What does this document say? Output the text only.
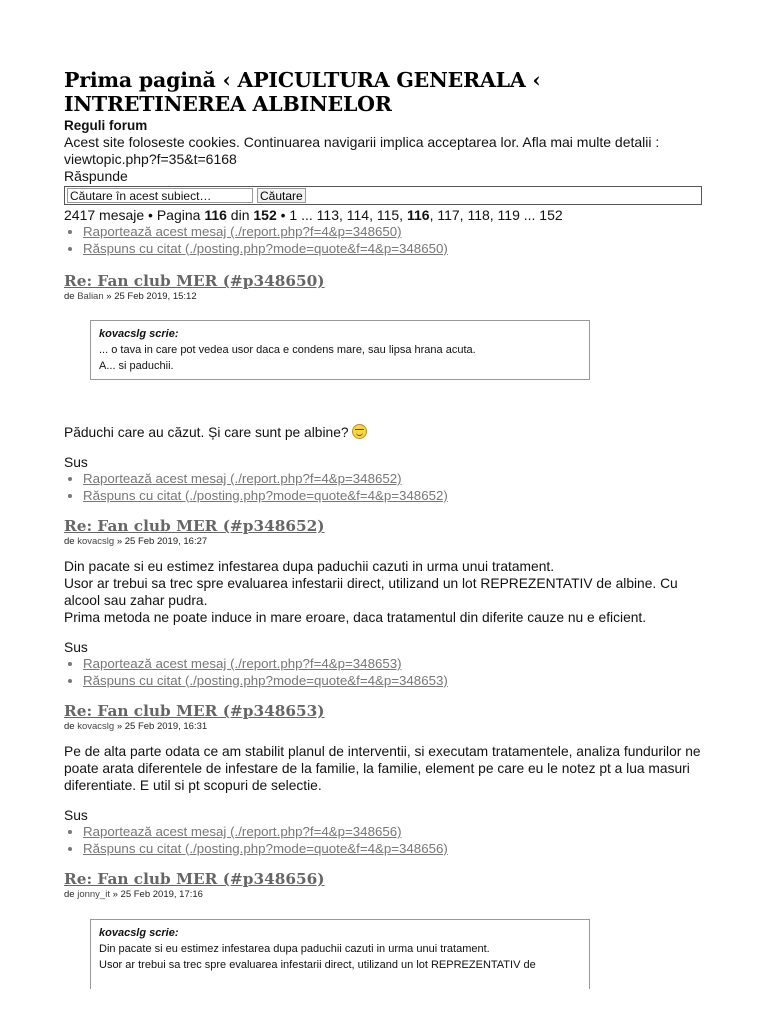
Prima pagină ‹ APICULTURA GENERALA ‹ INTRETINEREA ALBINELOR
Reguli forum
Acest site foloseste cookies. Continuarea navigarii implica acceptarea lor. Afla mai multe detalii : viewtopic.php?f=35&t=6168
Răspunde
Căutare în acest subiect…
Căutare
2417 mesaje • Pagina 116 din 152 • 1 ... 113, 114, 115, 116, 117, 118, 119 ... 152
• Raportează acest mesaj (./report.php?f=4&p=348650)
• Răspuns cu citat (./posting.php?mode=quote&f=4&p=348650)
Re: Fan club MER (#p348650)
de Balian » 25 Feb 2019, 15:12
kovacslg scrie:
... o tava in care pot vedea usor daca e condens mare, sau lipsa hrana acuta.
A... si paduchii.
Păduchi care au căzut. Și care sunt pe albine?
Sus
• Raportează acest mesaj (./report.php?f=4&p=348652)
• Răspuns cu citat (./posting.php?mode=quote&f=4&p=348652)
Re: Fan club MER (#p348652)
de kovacslg » 25 Feb 2019, 16:27
Din pacate si eu estimez infestarea dupa paduchii cazuti in urma unui tratament.
Usor ar trebui sa trec spre evaluarea infestarii direct, utilizand un lot REPREZENTATIV de albine. Cu alcool sau zahar pudra.
Prima metoda ne poate induce in mare eroare, daca tratamentul din diferite cauze nu e eficient.
Sus
• Raportează acest mesaj (./report.php?f=4&p=348653)
• Răspuns cu citat (./posting.php?mode=quote&f=4&p=348653)
Re: Fan club MER (#p348653)
de kovacslg » 25 Feb 2019, 16:31
Pe de alta parte odata ce am stabilit planul de interventii, si executam tratamentele, analiza fundurilor ne poate arata diferentele de infestare de la familie, la familie, element pe care eu le notez pt a lua masuri diferentiate. E util si pt scopuri de selectie.
Sus
• Raportează acest mesaj (./report.php?f=4&p=348656)
• Răspuns cu citat (./posting.php?mode=quote&f=4&p=348656)
Re: Fan club MER (#p348656)
de jonny_it » 25 Feb 2019, 17:16
kovacslg scrie:
Din pacate si eu estimez infestarea dupa paduchii cazuti in urma unui tratament.
Usor ar trebui sa trec spre evaluarea infestarii direct, utilizand un lot REPREZENTATIV de
